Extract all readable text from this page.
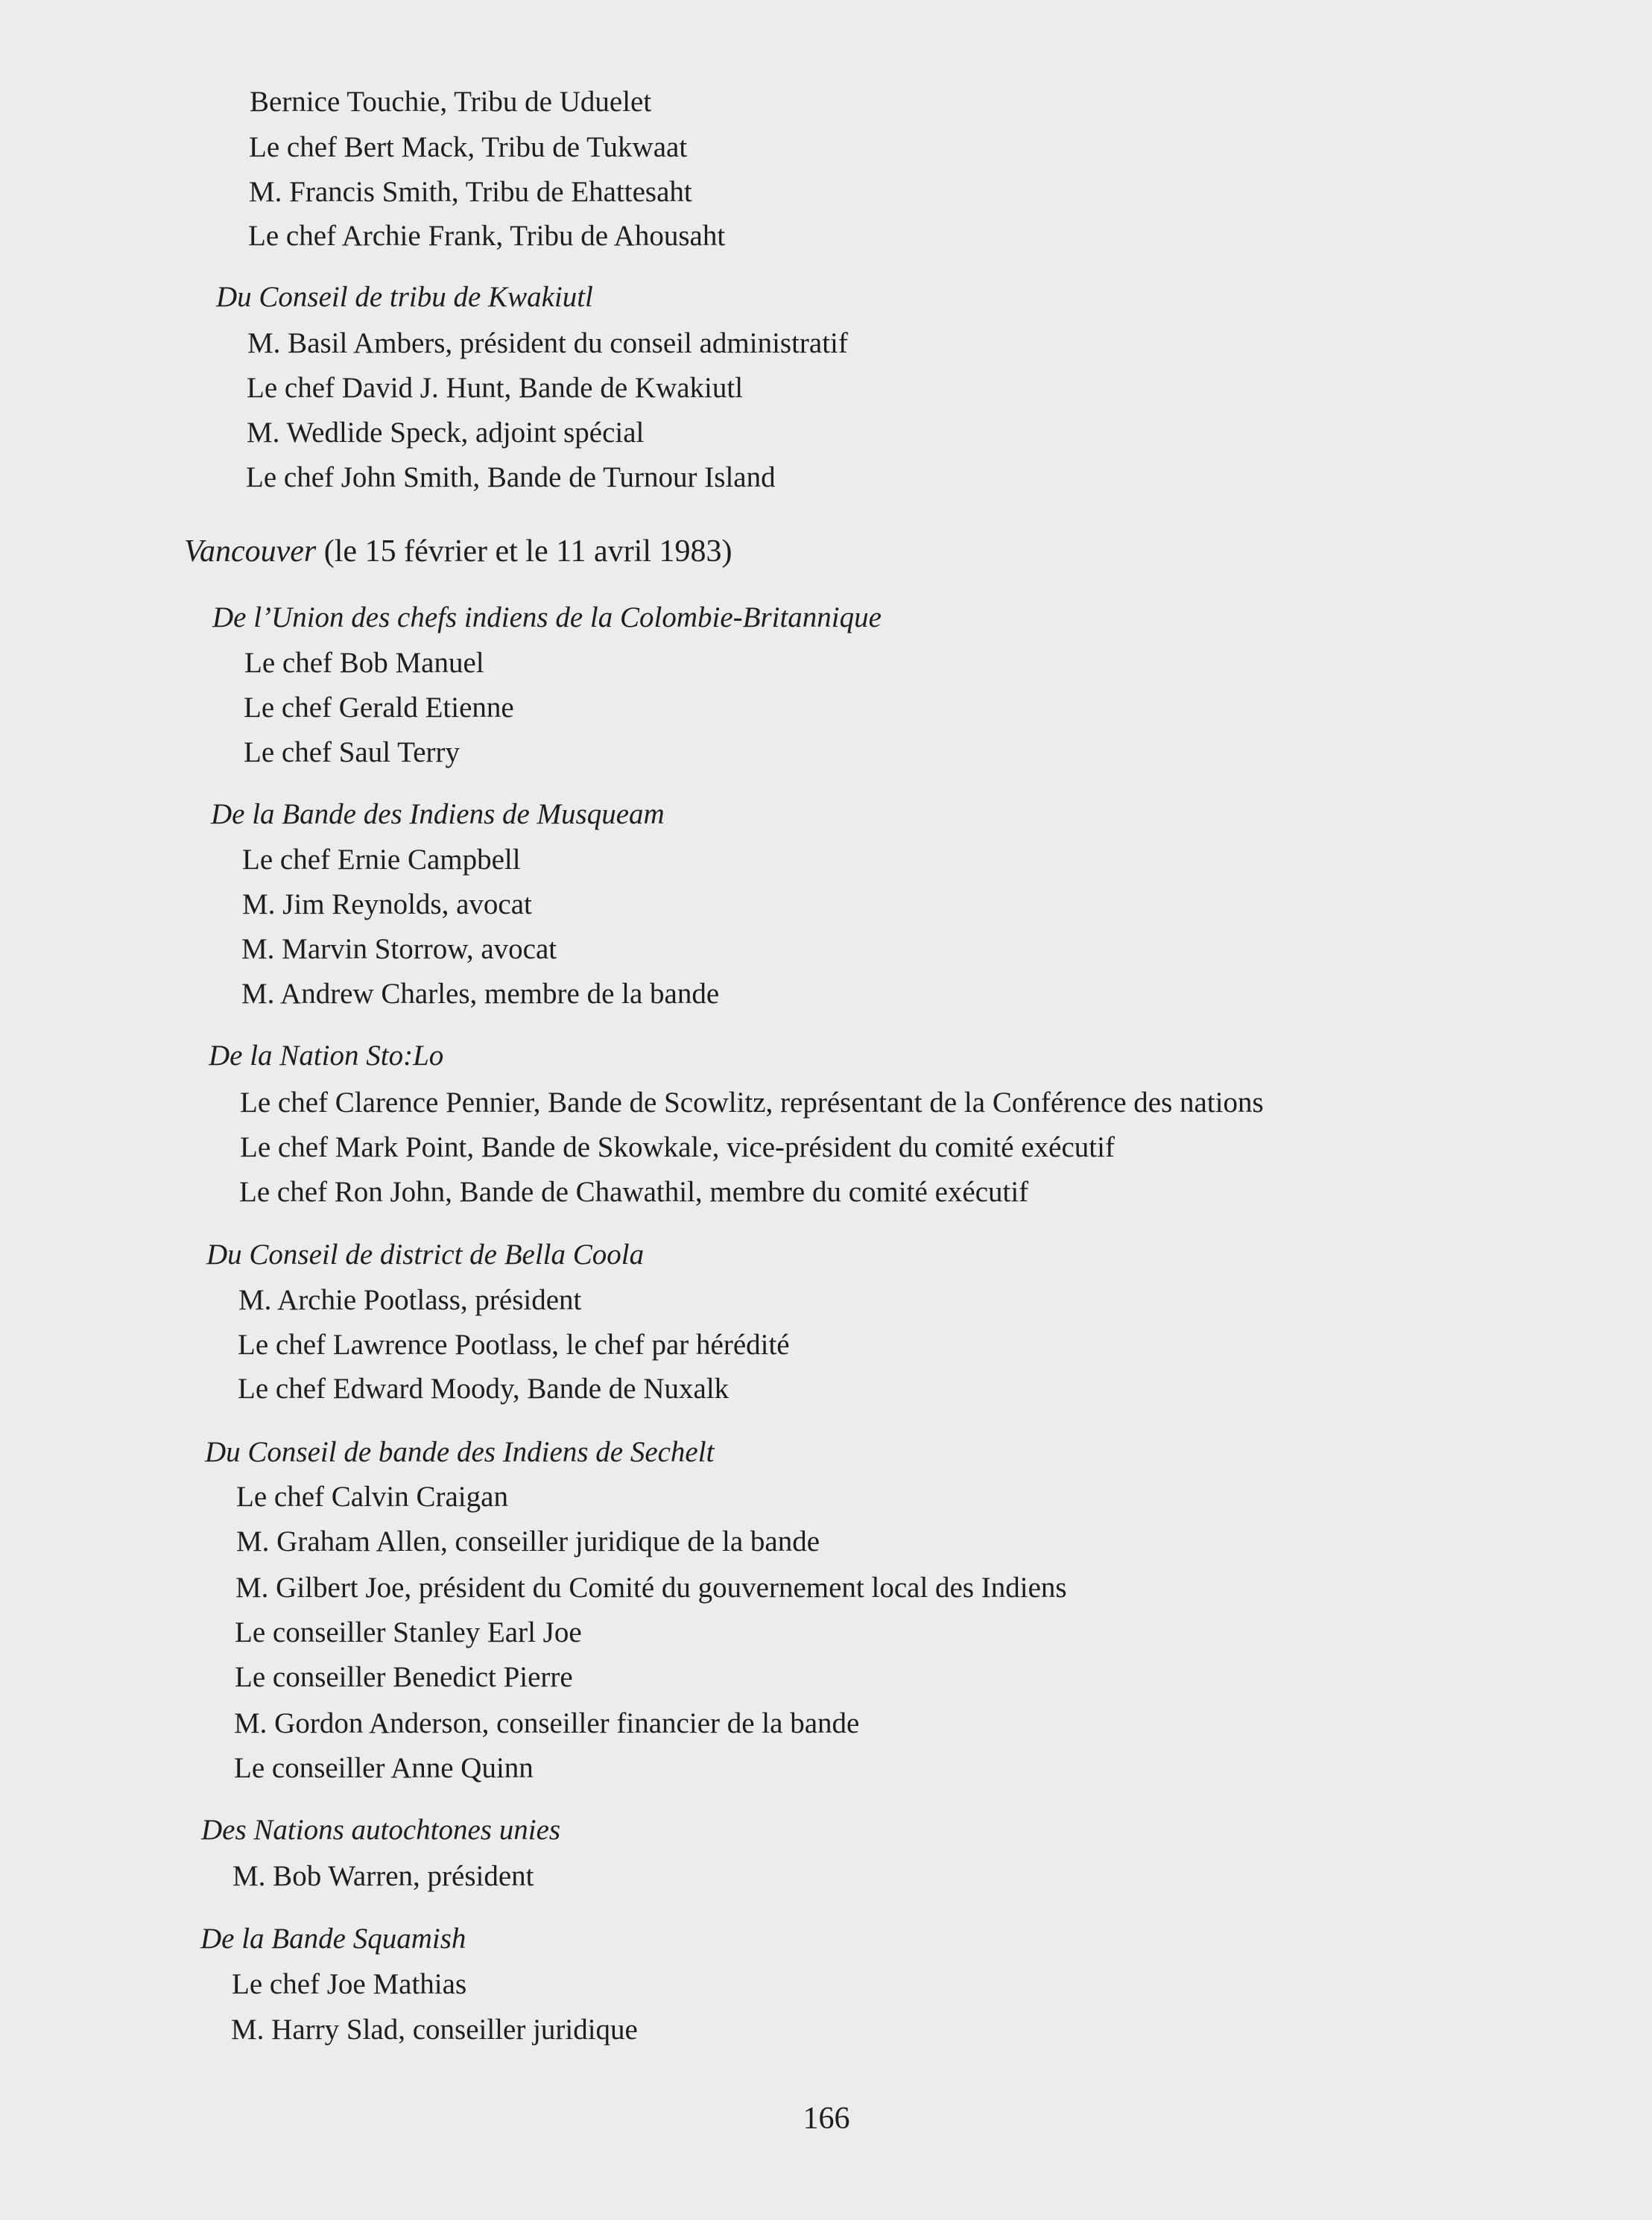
Bernice Touchie, Tribu de Uduelet
Le chef Bert Mack, Tribu de Tukwaat
M. Francis Smith, Tribu de Ehattesaht
Le chef Archie Frank, Tribu de Ahousaht
Du Conseil de tribu de Kwakiutl
M. Basil Ambers, président du conseil administratif
Le chef David J. Hunt, Bande de Kwakiutl
M. Wedlide Speck, adjoint spécial
Le chef John Smith, Bande de Turnour Island
Vancouver (le 15 février et le 11 avril 1983)
De l’Union des chefs indiens de la Colombie-Britannique
Le chef Bob Manuel
Le chef Gerald Etienne
Le chef Saul Terry
De la Bande des Indiens de Musqueam
Le chef Ernie Campbell
M. Jim Reynolds, avocat
M. Marvin Storrow, avocat
M. Andrew Charles, membre de la bande
De la Nation Sto:Lo
Le chef Clarence Pennier, Bande de Scowlitz, représentant de la Conférence des nations
Le chef Mark Point, Bande de Skowkale, vice-président du comité exécutif
Le chef Ron John, Bande de Chawathil, membre du comité exécutif
Du Conseil de district de Bella Coola
M. Archie Pootlass, président
Le chef Lawrence Pootlass, le chef par hérédité
Le chef Edward Moody, Bande de Nuxalk
Du Conseil de bande des Indiens de Sechelt
Le chef Calvin Craigan
M. Graham Allen, conseiller juridique de la bande
M. Gilbert Joe, président du Comité du gouvernement local des Indiens
Le conseiller Stanley Earl Joe
Le conseiller Benedict Pierre
M. Gordon Anderson, conseiller financier de la bande
Le conseiller Anne Quinn
Des Nations autochtones unies
M. Bob Warren, président
De la Bande Squamish
Le chef Joe Mathias
M. Harry Slad, conseiller juridique
166
